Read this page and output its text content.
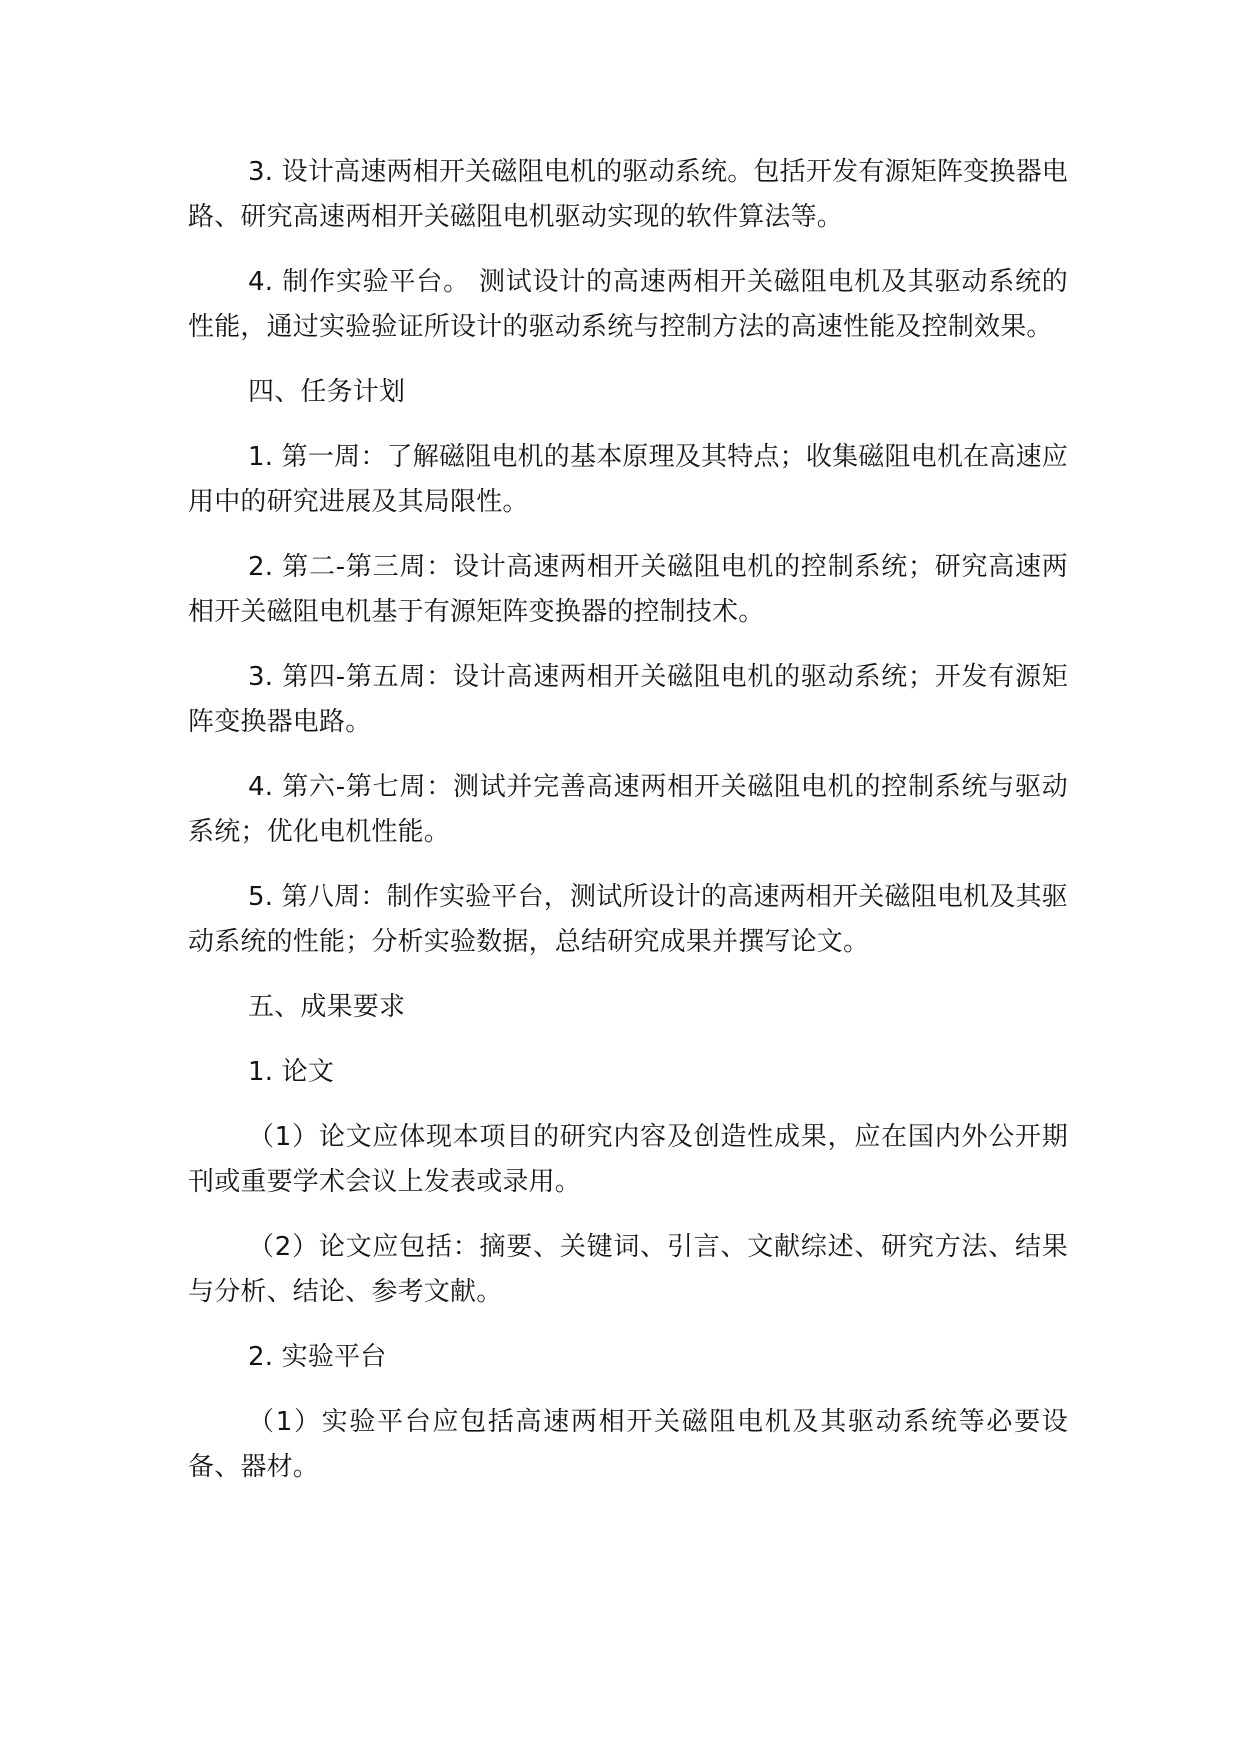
3. 设计高速两相开关磁阻电机的驱动系统。包括开发有源矩阵变换器电路、研究高速两相开关磁阻电机驱动实现的软件算法等。

4. 制作实验平台。 测试设计的高速两相开关磁阻电机及其驱动系统的性能，通过实验验证所设计的驱动系统与控制方法的高速性能及控制效果。

四、任务计划

1. 第一周：了解磁阻电机的基本原理及其特点；收集磁阻电机在高速应用中的研究进展及其局限性。

2. 第二-第三周：设计高速两相开关磁阻电机的控制系统；研究高速两相开关磁阻电机基于有源矩阵变换器的控制技术。

3. 第四-第五周：设计高速两相开关磁阻电机的驱动系统；开发有源矩阵变换器电路。

4. 第六-第七周：测试并完善高速两相开关磁阻电机的控制系统与驱动系统；优化电机性能。

5. 第八周：制作实验平台，测试所设计的高速两相开关磁阻电机及其驱动系统的性能；分析实验数据，总结研究成果并撰写论文。

五、成果要求

1. 论文

（1）论文应体现本项目的研究内容及创造性成果，应在国内外公开期刊或重要学术会议上发表或录用。

（2）论文应包括：摘要、关键词、引言、文献综述、研究方法、结果与分析、结论、参考文献。

2. 实验平台

（1）实验平台应包括高速两相开关磁阻电机及其驱动系统等必要设备、器材。
